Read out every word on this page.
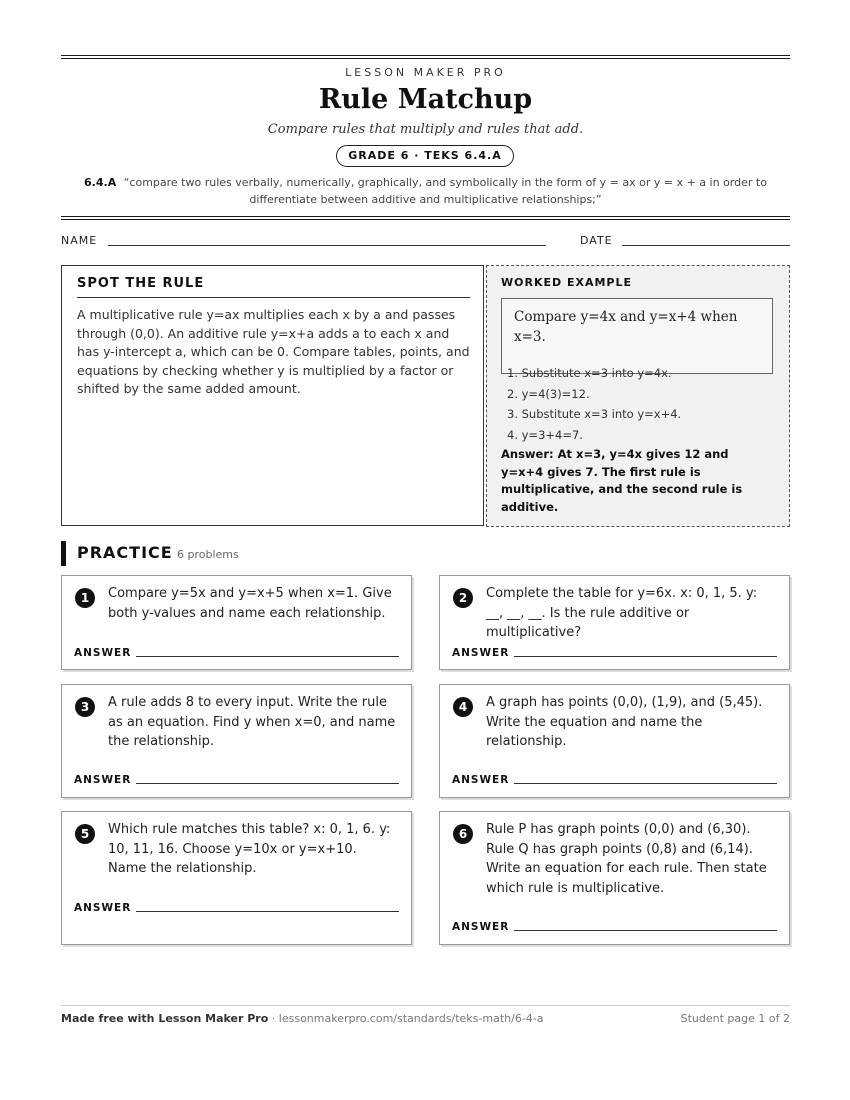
LESSON MAKER PRO
Rule Matchup
Compare rules that multiply and rules that add.
GRADE 6 · TEKS 6.4.A
6.4.A “compare two rules verbally, numerically, graphically, and symbolically in the form of y = ax or y = x + a in order to differentiate between additive and multiplicative relationships;”
NAME	DATE
SPOT THE RULE
A multiplicative rule y=ax multiplies each x by a and passes through (0,0). An additive rule y=x+a adds a to each x and has y-intercept a, which can be 0. Compare tables, points, and equations by checking whether y is multiplied by a factor or shifted by the same added amount.
WORKED EXAMPLE
Compare y=4x and y=x+4 when x=3.
1. Substitute x=3 into y=4x.
2. y=4(3)=12.
3. Substitute x=3 into y=x+4.
4. y=3+4=7.
Answer: At x=3, y=4x gives 12 and y=x+4 gives 7. The first rule is multiplicative, and the second rule is additive.
PRACTICE 6 problems
1	Compare y=5x and y=x+5 when x=1. Give both y-values and name each relationship.
ANSWER
2	Complete the table for y=6x. x: 0, 1, 5. y: __, __, __. Is the rule additive or multiplicative?
ANSWER
3	A rule adds 8 to every input. Write the rule as an equation. Find y when x=0, and name the relationship.
ANSWER
4	A graph has points (0,0), (1,9), and (5,45). Write the equation and name the relationship.
ANSWER
5	Which rule matches this table? x: 0, 1, 6. y: 10, 11, 16. Choose y=10x or y=x+10. Name the relationship.
ANSWER
6	Rule P has graph points (0,0) and (6,30). Rule Q has graph points (0,8) and (6,14). Write an equation for each rule. Then state which rule is multiplicative.
ANSWER
Made free with Lesson Maker Pro · lessonmakerpro.com/standards/teks-math/6-4-a	Student page 1 of 2
